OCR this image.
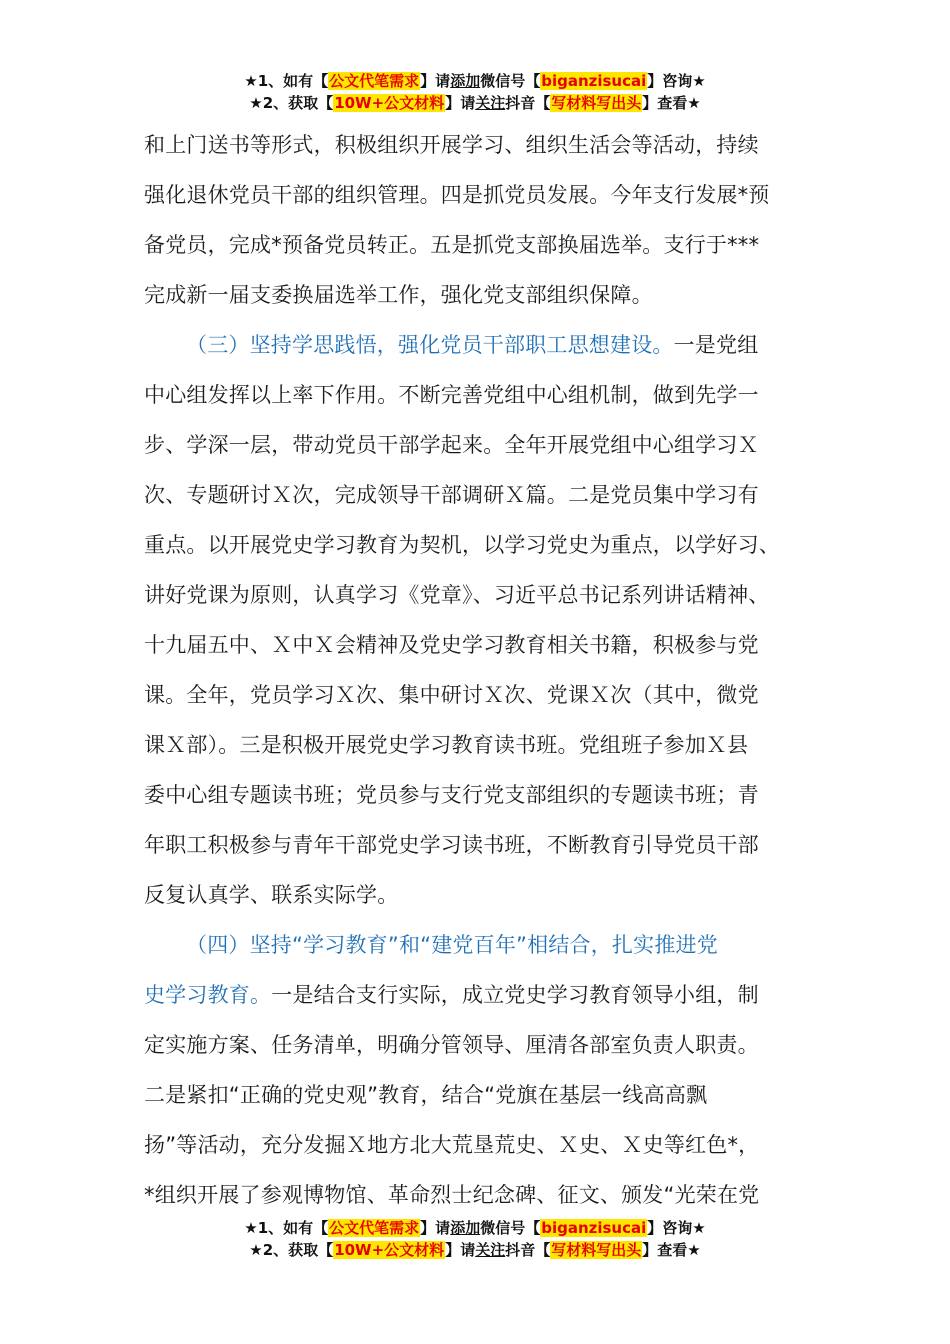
★1、如有【公文代笔需求】请添加微信号【biganzisucai】咨询★
★2、获取【10W+公文材料】请关注抖音【写材料写出头】查看★
和上门送书等形式，积极组织开展学习、组织生活会等活动，持续
强化退休党员干部的组织管理。四是抓党员发展。今年支行发展*预
备党员，完成*预备党员转正。五是抓党支部换届选举。支行于***
完成新一届支委换届选举工作，强化党支部组织保障。
（三）坚持学思践悟，强化党员干部职工思想建设。一是党组
中心组发挥以上率下作用。不断完善党组中心组机制，做到先学一
步、学深一层，带动党员干部学起来。全年开展党组中心组学习Ｘ
次、专题研讨Ｘ次，完成领导干部调研Ｘ篇。二是党员集中学习有
重点。以开展党史学习教育为契机，以学习党史为重点，以学好习、
讲好党课为原则，认真学习《党章》、习近平总书记系列讲话精神、
十九届五中、Ｘ中Ｘ会精神及党史学习教育相关书籍，积极参与党
课。全年，党员学习Ｘ次、集中研讨Ｘ次、党课Ｘ次（其中，微党
课Ｘ部）。三是积极开展党史学习教育读书班。党组班子参加Ｘ县
委中心组专题读书班；党员参与支行党支部组织的专题读书班；青
年职工积极参与青年干部党史学习读书班，不断教育引导党员干部
反复认真学、联系实际学。
（四）坚持“学习教育”和“建党百年”相结合，扎实推进党
史学习教育。一是结合支行实际，成立党史学习教育领导小组，制
定实施方案、任务清单，明确分管领导、厘清各部室负责人职责。
二是紧扣“正确的党史观”教育，结合“党旗在基层一线高高飘
扬”等活动，充分发掘Ｘ地方北大荒垦荒史、Ｘ史、Ｘ史等红色*，
*组织开展了参观博物馆、革命烈士纪念碑、征文、颁发“光荣在党
★1、如有【公文代笔需求】请添加微信号【biganzisucai】咨询★
★2、获取【10W+公文材料】请关注抖音【写材料写出头】查看★
